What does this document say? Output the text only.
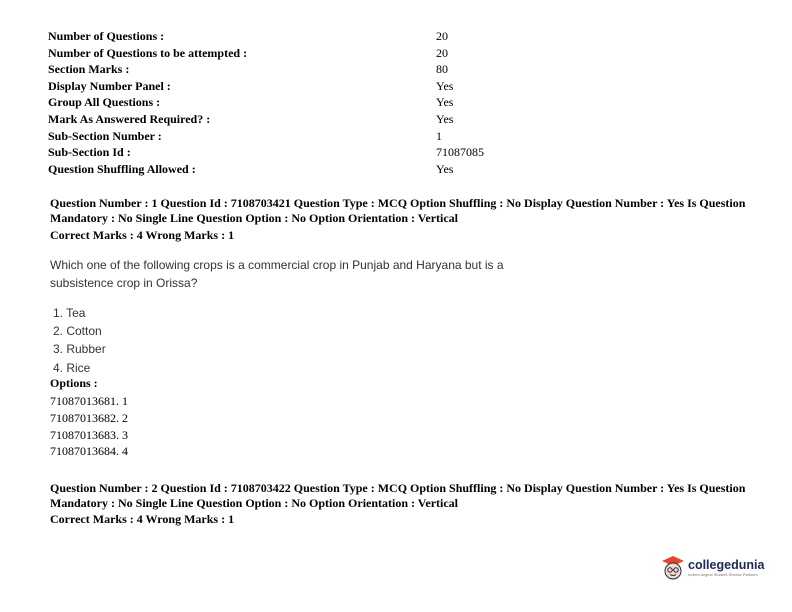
Number of Questions :	20
Number of Questions to be attempted :	20
Section Marks :	80
Display Number Panel :	Yes
Group All Questions :	Yes
Mark As Answered Required? :	Yes
Sub-Section Number :	1
Sub-Section Id :	71087085
Question Shuffling Allowed :	Yes
Question Number : 1 Question Id : 7108703421 Question Type : MCQ Option Shuffling : No Display Question Number : Yes Is Question Mandatory : No Single Line Question Option : No Option Orientation : Vertical
Correct Marks : 4 Wrong Marks : 1
Which one of the following crops is a commercial crop in Punjab and Haryana but is a subsistence crop in Orissa?
1. Tea
2. Cotton
3. Rubber
4. Rice
Options :
71087013681. 1
71087013682. 2
71087013683. 3
71087013684. 4
Question Number : 2 Question Id : 7108703422 Question Type : MCQ Option Shuffling : No Display Question Number : Yes Is Question Mandatory : No Single Line Question Option : No Option Orientation : Vertical
Correct Marks : 4 Wrong Marks : 1
collegedunia
India's largest Student Review Platform
